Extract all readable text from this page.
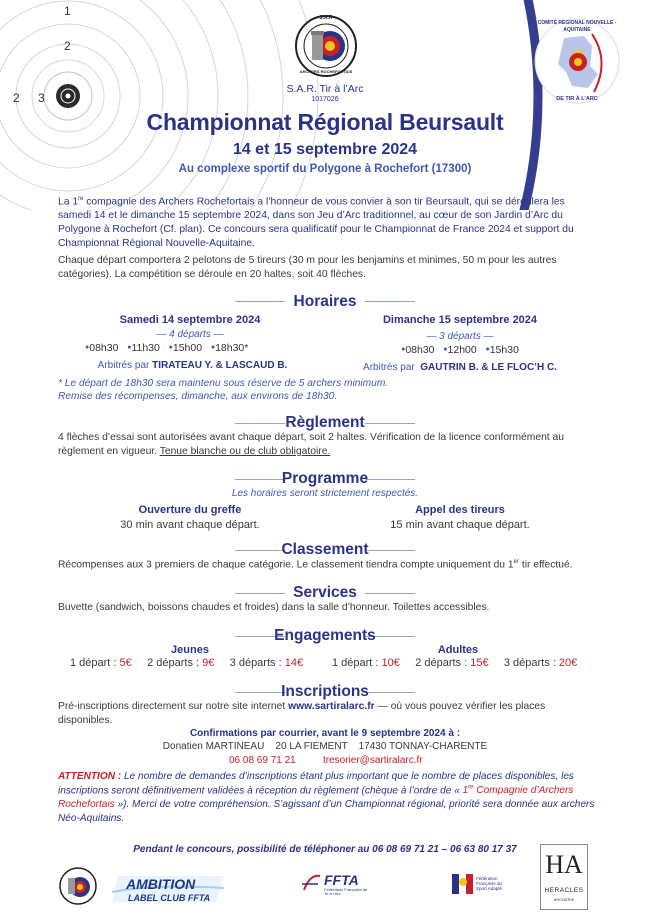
1
2
2 3
S.A.R
ARCHERS ROCHEFORTAIS
S.A.R. Tir à l’Arc
1017026
COMITÉ RÉGIONAL NOUVELLE - AQUITAINE
DE TIR À L’ARC
Championnat Régional Beursault
14 et 15 septembre 2024
Au complexe sportif du Polygone à Rochefort (17300)
La 1re compagnie des Archers Rochefortais a l’honneur de vous convier à son tir Beursault, qui se déroulera les samedi 14 et le dimanche 15 septembre 2024, dans son Jeu d’Arc traditionnel, au cœur de son Jardin d’Arc du Polygone à Rochefort (Cf. plan). Ce concours sera qualificatif pour le Championnat de France 2024 et support du Championnat Régional Nouvelle-Aquitaine.
Chaque départ comportera 2 pelotons de 5 tireurs (30 m pour les benjamins et minimes, 50 m pour les autres catégories). La compétition se déroule en 20 haltes, soit 40 flèches.
Horaires
Samedi 14 septembre 2024
— 4 départs —
●08h30 ●11h30 ●15h00 ●18h30*
Arbitrés par TIRATEAU Y. & LASCAUD B.
Dimanche 15 septembre 2024
— 3 départs —
●08h30 ●12h00 ●15h30
Arbitrés par GAUTRIN B. & LE FLOC’H C.
* Le départ de 18h30 sera maintenu sous réserve de 5 archers minimum.
Remise des récompenses, dimanche, aux environs de 18h30.
Règlement
4 flèches d’essai sont autorisées avant chaque départ, soit 2 haltes. Vérification de la licence conformément au règlement en vigueur. Tenue blanche ou de club obligatoire.
Programme
Les horaires seront strictement respectés.
Ouverture du greffe
30 min avant chaque départ.
Appel des tireurs
15 min avant chaque départ.
Classement
Récompenses aux 3 premiers de chaque catégorie. Le classement tiendra compte uniquement du 1er tir effectué.
Services
Buvette (sandwich, boissons chaudes et froides) dans la salle d’honneur. Toilettes accessibles.
Engagements
Jeunes	Adultes
1 départ : 5€ 2 départs : 9€ 3 départs : 14€	1 départ : 10€ 2 départs : 15€ 3 départs : 20€
Inscriptions
Pré-inscriptions directement sur notre site internet www.sartiralarc.fr — où vous pouvez vérifier les places disponibles.
Confirmations par courrier, avant le 9 septembre 2024 à :
Donatien MARTINEAU    20 LA FIEMENT    17430 TONNAY-CHARENTE
06 08 69 71 21	tresorier@sartiralarc.fr
ATTENTION : Le nombre de demandes d’inscriptions étant plus important que le nombre de places disponibles, les inscriptions seront définitivement validées à réception du règlement (chèque à l’ordre de « 1re Compagnie d’Archers Rochefortais »). Merci de votre compréhension. S’agissant d’un Championnat régional, priorité sera donnée aux archers Néo-Aquitains.
Pendant le concours, possibilité de téléphoner au 06 08 69 71 21 – 06 63 80 17 37
AMBITION
LABEL CLUB FFTA
FFTA
Fédération Française de Tir à l’Arc
Fédération Française du Sport Adapté
HA
HERACLES
ARCHERIE
